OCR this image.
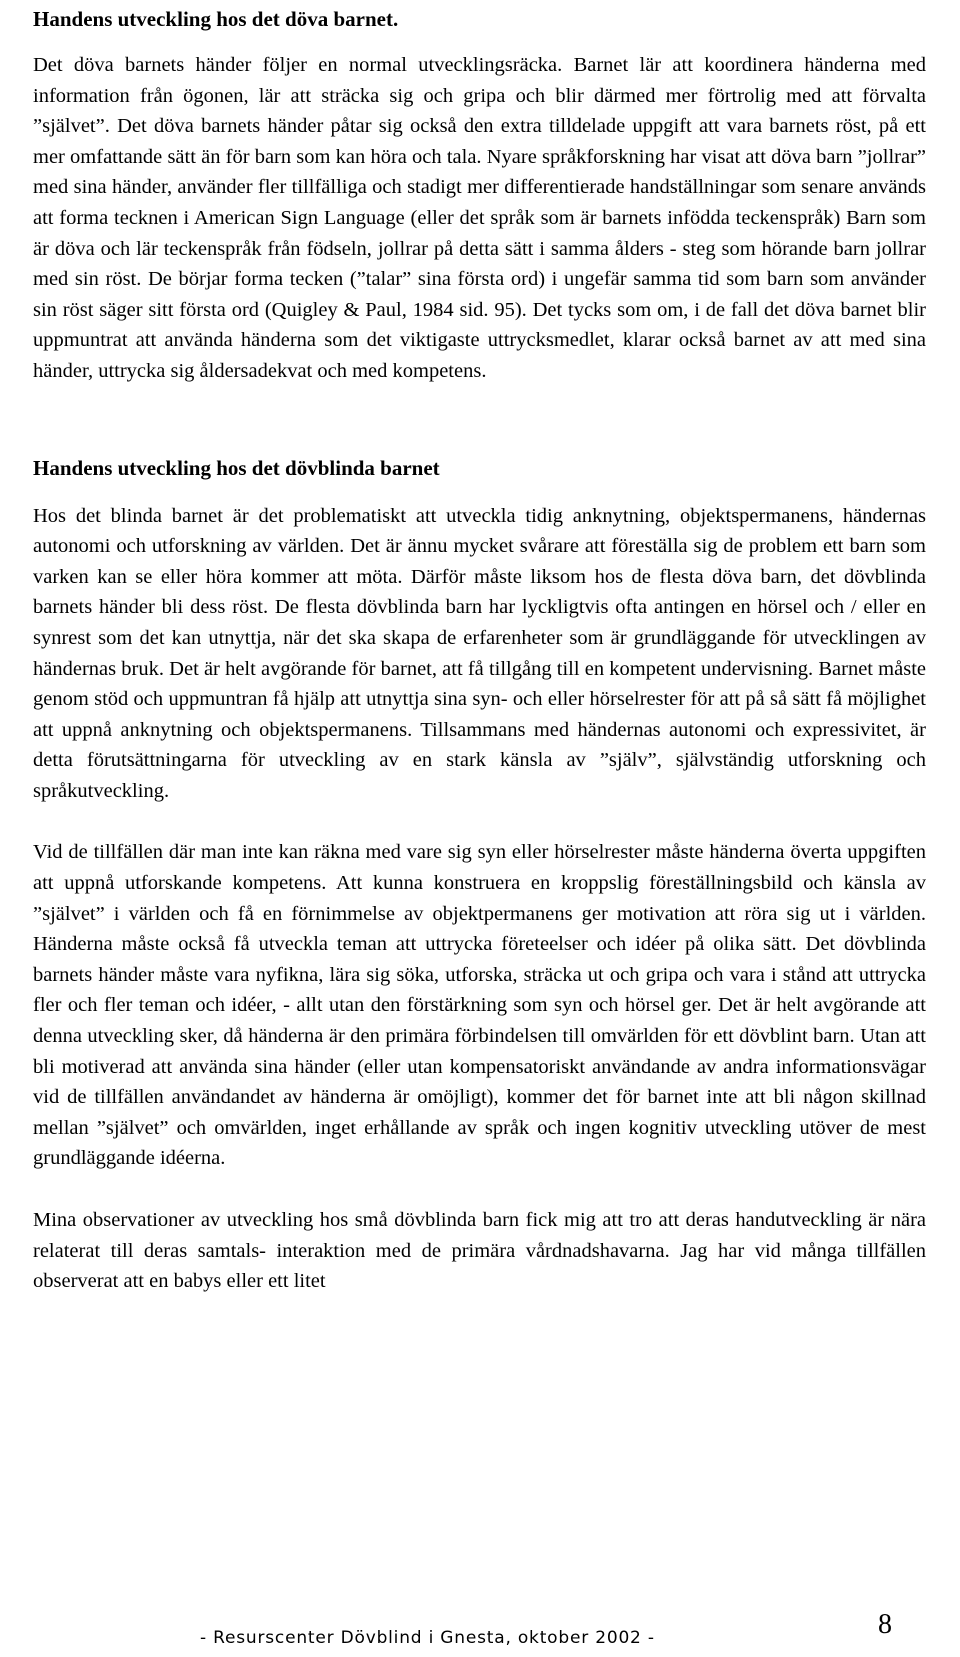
Handens utveckling hos det döva barnet.

Det döva barnets händer följer en normal utvecklingsräcka. Barnet lär att koordinera händerna med information från ögonen, lär att sträcka sig och gripa och blir därmed mer förtrolig med att förvalta ”självet”. Det döva barnets händer påtar sig också den extra tilldelade uppgift att vara barnets röst, på ett mer omfattande sätt än för barn som kan höra och tala. Nyare språkforskning har visat att döva barn ”jollrar” med sina händer, använder fler tillfälliga och stadigt mer differentierade handställningar som senare används att forma tecknen i American Sign Language (eller det språk som är barnets infödda teckenspråk) Barn som är döva och lär teckenspråk från födseln, jollrar på detta sätt i samma ålders - steg som hörande barn jollrar med sin röst. De börjar forma tecken (”talar” sina första ord) i ungefär samma tid som barn som använder sin röst säger sitt första ord (Quigley & Paul, 1984 sid. 95). Det tycks som om, i de fall det döva barnet blir uppmuntrat att använda händerna som det viktigaste uttrycksmedlet, klarar också barnet av att med sina händer, uttrycka sig åldersadekvat och med kompetens.

Handens utveckling hos det dövblinda barnet

Hos det blinda barnet är det problematiskt att utveckla tidig anknytning, objektspermanens, händernas autonomi och utforskning av världen. Det är ännu mycket svårare att föreställa sig de problem ett barn som varken kan se eller höra kommer att möta. Därför måste liksom hos de flesta döva barn, det dövblinda barnets händer bli dess röst. De flesta dövblinda barn har lyckligtvis ofta antingen en hörsel och / eller en synrest som det kan utnyttja, när det ska skapa de erfarenheter som är grundläggande för utvecklingen av händernas bruk. Det är helt avgörande för barnet, att få tillgång till en kompetent undervisning. Barnet måste genom stöd och uppmuntran få hjälp att utnyttja sina syn- och eller hörselrester för att på så sätt få möjlighet att uppnå anknytning och objektspermanens. Tillsammans med händernas autonomi och expressivitet, är detta förutsättningarna för utveckling av en stark känsla av ”själv”, självständig utforskning och språkutveckling.

Vid de tillfällen där man inte kan räkna med vare sig syn eller hörselrester måste händerna överta uppgiften att uppnå utforskande kompetens. Att kunna konstruera en kroppslig föreställningsbild och känsla av ”självet” i världen och få en förnimmelse av objektpermanens ger motivation att röra sig ut i världen. Händerna måste också få utveckla teman att uttrycka företeelser och idéer på olika sätt. Det dövblinda barnets händer måste vara nyfikna, lära sig söka, utforska, sträcka ut och gripa och vara i stånd att uttrycka fler och fler teman och idéer, - allt utan den förstärkning som syn och hörsel ger. Det är helt avgörande att denna utveckling sker, då händerna är den primära förbindelsen till omvärlden för ett dövblint barn. Utan att bli motiverad att använda sina händer (eller utan kompensatoriskt användande av andra informationsvägar vid de tillfällen användandet av händerna är omöjligt), kommer det för barnet inte att bli någon skillnad mellan ”självet” och omvärlden, inget erhållande av språk och ingen kognitiv utveckling utöver de mest grundläggande idéerna.

Mina observationer av utveckling hos små dövblinda barn fick mig att tro att deras handutveckling är nära relaterat till deras samtals- interaktion med de primära vårdnadshavarna. Jag har vid många tillfällen observerat att en babys eller ett litet

- Resurscenter Dövblind i Gnesta, oktober 2002 -	8
